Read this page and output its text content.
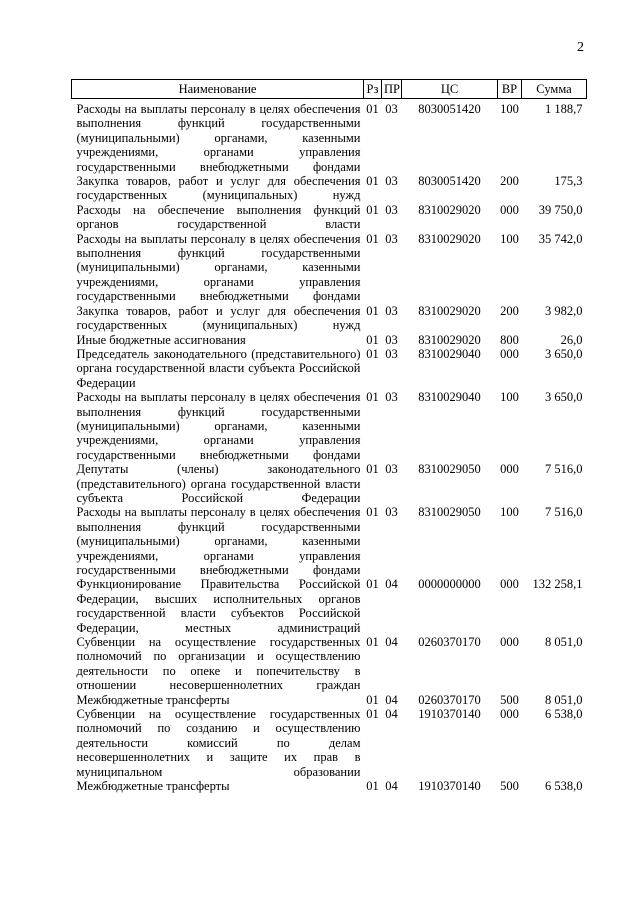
2
Наименование	Рз	ПР	ЦС	ВР	Сумма
Расходы на выплаты персоналу в целях обеспечения выполнения функций государственными (муниципальными) органами, казенными учреждениями, органами управления государственными внебюджетными фондами	01	03	8030051420	100	1 188,7
Закупка товаров, работ и услуг для обеспечения государственных (муниципальных) нужд	01	03	8030051420	200	175,3
Расходы на обеспечение выполнения функций органов государственной власти	01	03	8310029020	000	39 750,0
Расходы на выплаты персоналу в целях обеспечения выполнения функций государственными (муниципальными) органами, казенными учреждениями, органами управления государственными внебюджетными фондами	01	03	8310029020	100	35 742,0
Закупка товаров, работ и услуг для обеспечения государственных (муниципальных) нужд	01	03	8310029020	200	3 982,0
Иные бюджетные ассигнования	01	03	8310029020	800	26,0
Председатель законодательного (представительного) органа государственной власти субъекта Российской Федерации	01	03	8310029040	000	3 650,0
Расходы на выплаты персоналу в целях обеспечения выполнения функций государственными (муниципальными) органами, казенными учреждениями, органами управления государственными внебюджетными фондами	01	03	8310029040	100	3 650,0
Депутаты (члены) законодательного (представительного) органа государственной власти субъекта Российской Федерации	01	03	8310029050	000	7 516,0
Расходы на выплаты персоналу в целях обеспечения выполнения функций государственными (муниципальными) органами, казенными учреждениями, органами управления государственными внебюджетными фондами	01	03	8310029050	100	7 516,0
Функционирование Правительства Российской Федерации, высших исполнительных органов государственной власти субъектов Российской Федерации, местных администраций	01	04	0000000000	000	132 258,1
Субвенции на осуществление государственных полномочий по организации и осуществлению деятельности по опеке и попечительству в отношении несовершеннолетних граждан	01	04	0260370170	000	8 051,0
Межбюджетные трансферты	01	04	0260370170	500	8 051,0
Субвенции на осуществление государственных полномочий по созданию и осуществлению деятельности комиссий по делам несовершеннолетних и защите их прав в муниципальном образовании	01	04	1910370140	000	6 538,0
Межбюджетные трансферты	01	04	1910370140	500	6 538,0
